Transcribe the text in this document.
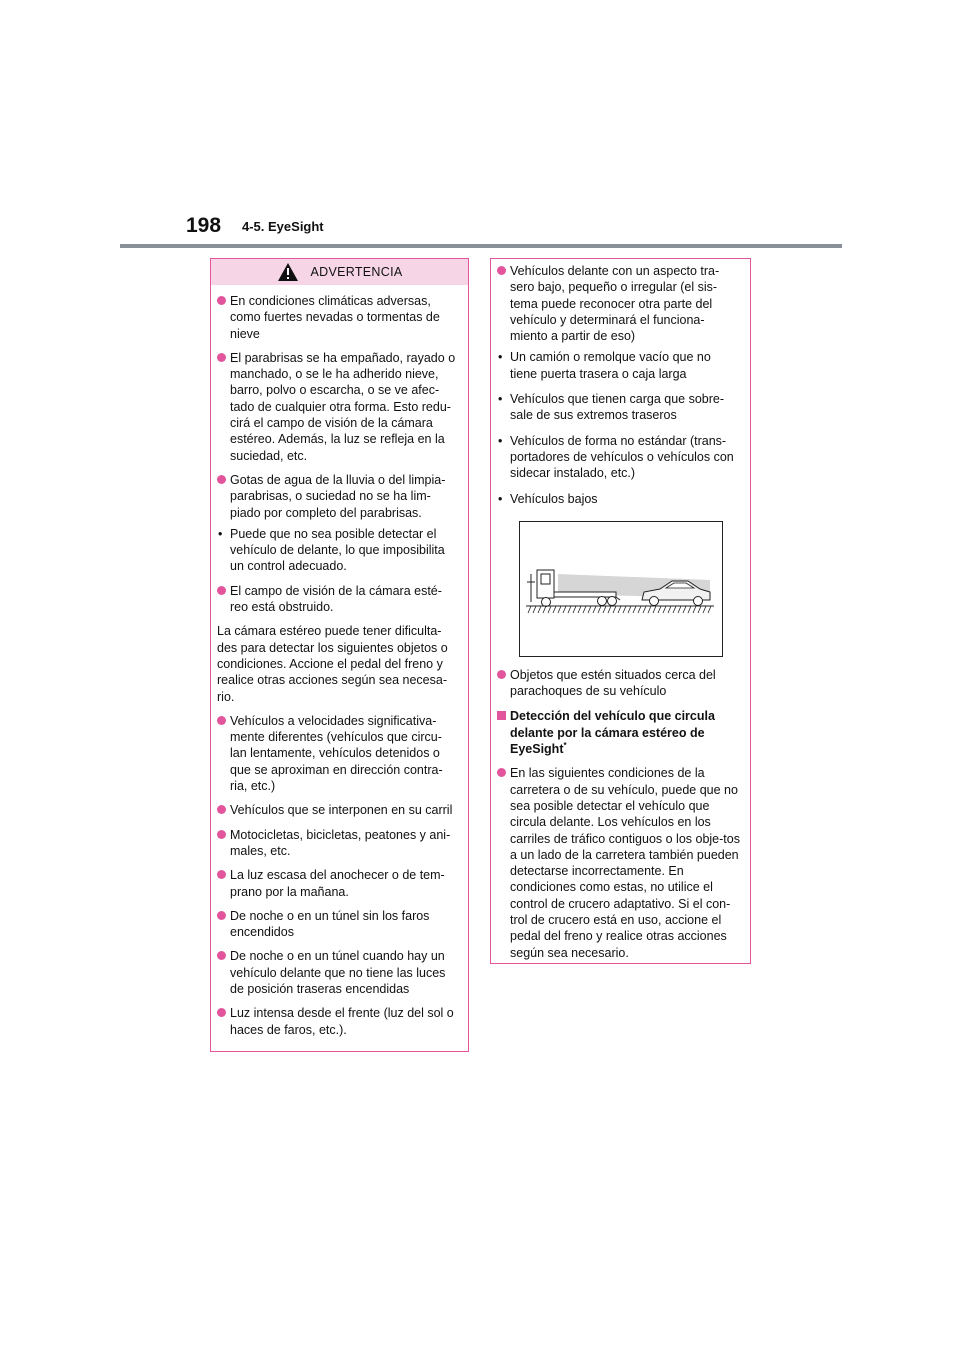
198 4-5. EyeSight
ADVERTENCIA
En condiciones climáticas adversas, como fuertes nevadas o tormentas de nieve
El parabrisas se ha empañado, rayado o manchado, o se le ha adherido nieve, barro, polvo o escarcha, o se ve afec-tado de cualquier otra forma. Esto redu-cirá el campo de visión de la cámara estéreo. Además, la luz se refleja en la suciedad, etc.
Gotas de agua de la lluvia o del limpia-parabrisas, o suciedad no se ha lim-piado por completo del parabrisas.
• Puede que no sea posible detectar el vehículo de delante, lo que imposibilita un control adecuado.
El campo de visión de la cámara esté-reo está obstruido.
La cámara estéreo puede tener dificulta-des para detectar los siguientes objetos o condiciones. Accione el pedal del freno y realice otras acciones según sea necesa-rio.
Vehículos a velocidades significativa-mente diferentes (vehículos que circu-lan lentamente, vehículos detenidos o que se aproximan en dirección contra-ria, etc.)
Vehículos que se interponen en su carril
Motocicletas, bicicletas, peatones y ani-males, etc.
La luz escasa del anochecer o de tem-prano por la mañana.
De noche o en un túnel sin los faros encendidos
De noche o en un túnel cuando hay un vehículo delante que no tiene las luces de posición traseras encendidas
Luz intensa desde el frente (luz del sol o haces de faros, etc.).
Vehículos delante con un aspecto tra-sero bajo, pequeño o irregular (el sis-tema puede reconocer otra parte del vehículo y determinará el funciona-miento a partir de eso)
• Un camión o remolque vacío que no tiene puerta trasera o caja larga
• Vehículos que tienen carga que sobre-sale de sus extremos traseros
• Vehículos de forma no estándar (trans-portadores de vehículos o vehículos con sidecar instalado, etc.)
• Vehículos bajos
Objetos que estén situados cerca del parachoques de su vehículo
Detección del vehículo que circula delante por la cámara estéreo de EyeSight*
En las siguientes condiciones de la carretera o de su vehículo, puede que no sea posible detectar el vehículo que circula delante. Los vehículos en los carriles de tráfico contiguos o los obje-tos a un lado de la carretera también pueden detectarse incorrectamente. En condiciones como estas, no utilice el control de crucero adaptativo. Si el con-trol de crucero está en uso, accione el pedal del freno y realice otras acciones según sea necesario.
